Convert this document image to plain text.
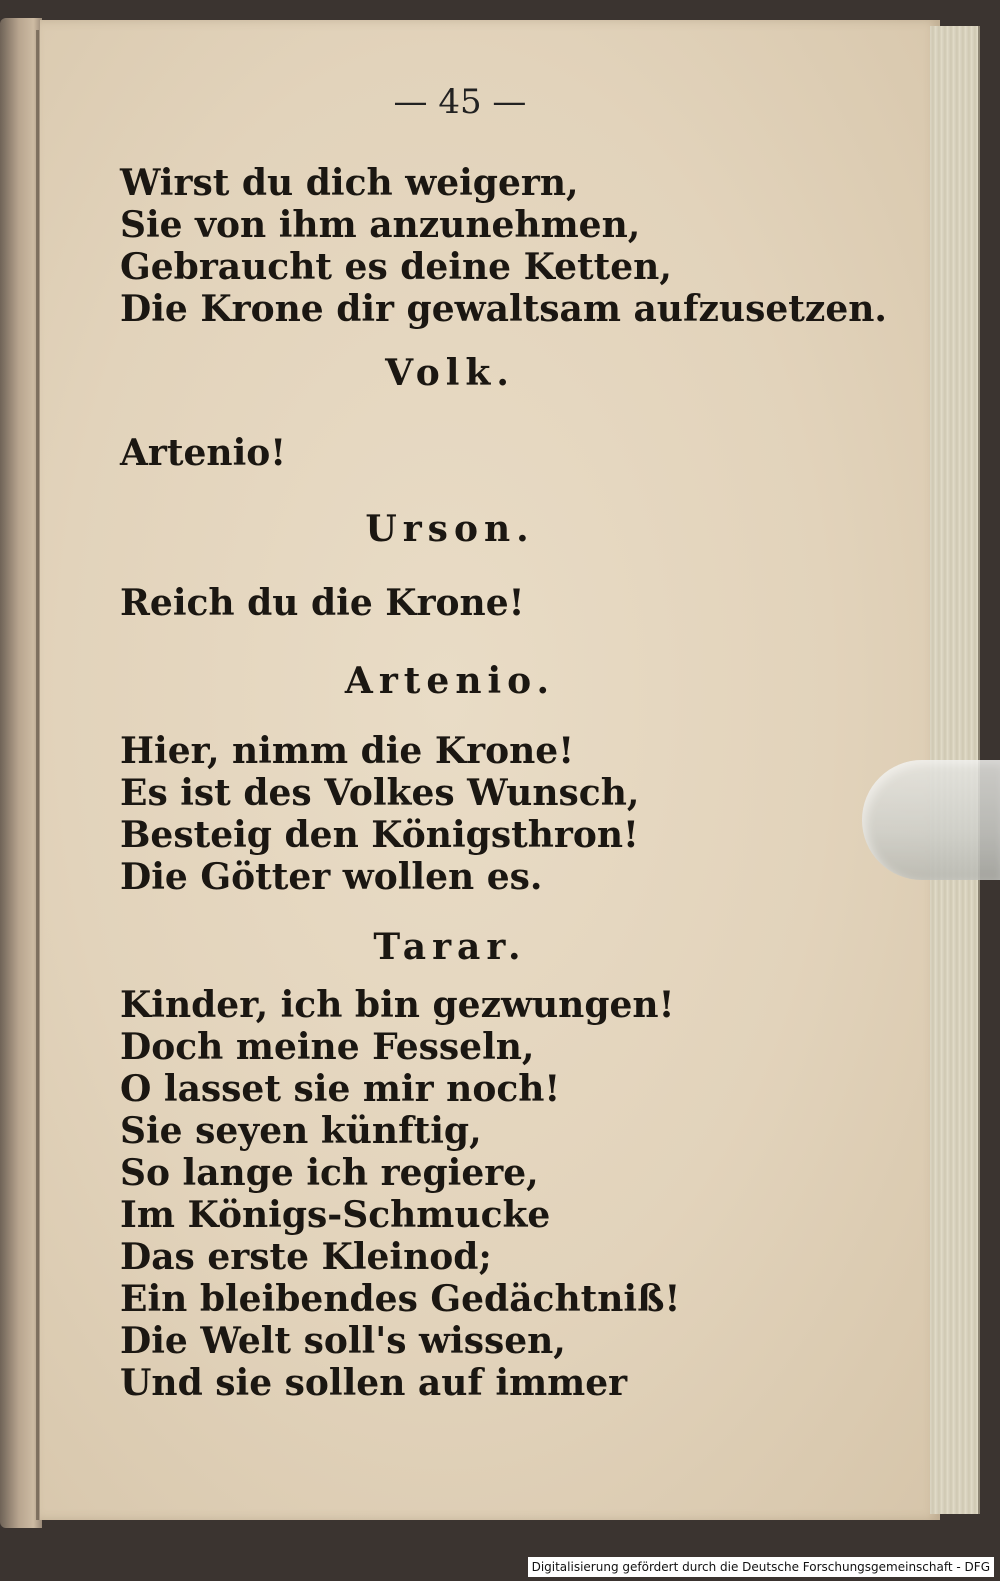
— 45 —
Wirst du dich weigern,
Sie von ihm anzunehmen,
Gebraucht es deine Ketten,
Die Krone dir gewaltsam aufzusetzen.
Volk.
Artenio!
Urson.
Reich du die Krone!
Artenio.
Hier, nimm die Krone!
Es ist des Volkes Wunsch,
Besteig den Königsthron!
Die Götter wollen es.
Tarar.
Kinder, ich bin gezwungen!
Doch meine Fesseln,
O lasset sie mir noch!
Sie seyen künftig,
So lange ich regiere,
Im Königs-Schmucke
Das erste Kleinod;
Ein bleibendes Gedächtniß!
Die Welt soll's wissen,
Und sie sollen auf immer
Digitalisierung gefördert durch die Deutsche Forschungsgemeinschaft - DFG
